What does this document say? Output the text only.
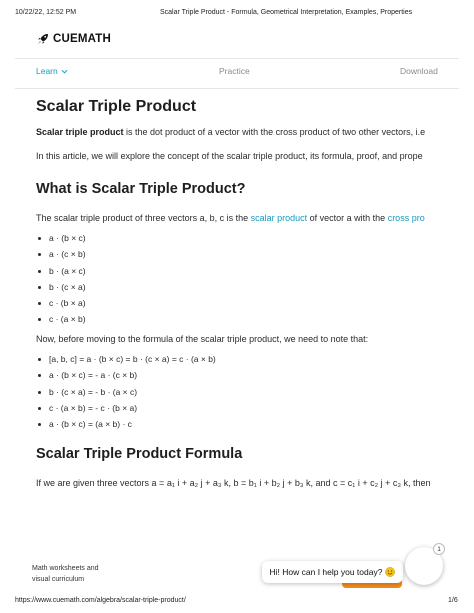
10/22/22, 12:52 PM	Scalar Triple Product - Formula, Geometrical Interpretation, Examples, Properties
CUEMATH
Learn	Practice	Download
Scalar Triple Product

Scalar triple product is the dot product of a vector with the cross product of two other vectors, i.e

In this article, we will explore the concept of the scalar triple product, its formula, proof, and prope

What is Scalar Triple Product?

The scalar triple product of three vectors a, b, c is the scalar product of vector a with the cross pro

a · (b × c)
a · (c × b)
b · (a × c)
b · (c × a)
c · (b × a)
c · (a × b)

Now, before moving to the formula of the scalar triple product, we need to note that:

[a, b, c] = a · (b × c) = b · (c × a) = c · (a × b)
a · (b × c) = - a · (c × b)
b · (c × a) = - b · (a × c)
c · (a × b) = - c · (b × a)
a · (b × c) = (a × b) · c
Scalar Triple Product Formula

If we are given three vectors a = a₁ i + a₂ j + a₃ k, b = b₁ i + b₂ j + b₃ k, and c = c₁ i + c₂ j + c₃ k, then

Math worksheets and
visual curriculum
Hi! How can I help you today?
1
https://www.cuemath.com/algebra/scalar-triple-product/	1/6
